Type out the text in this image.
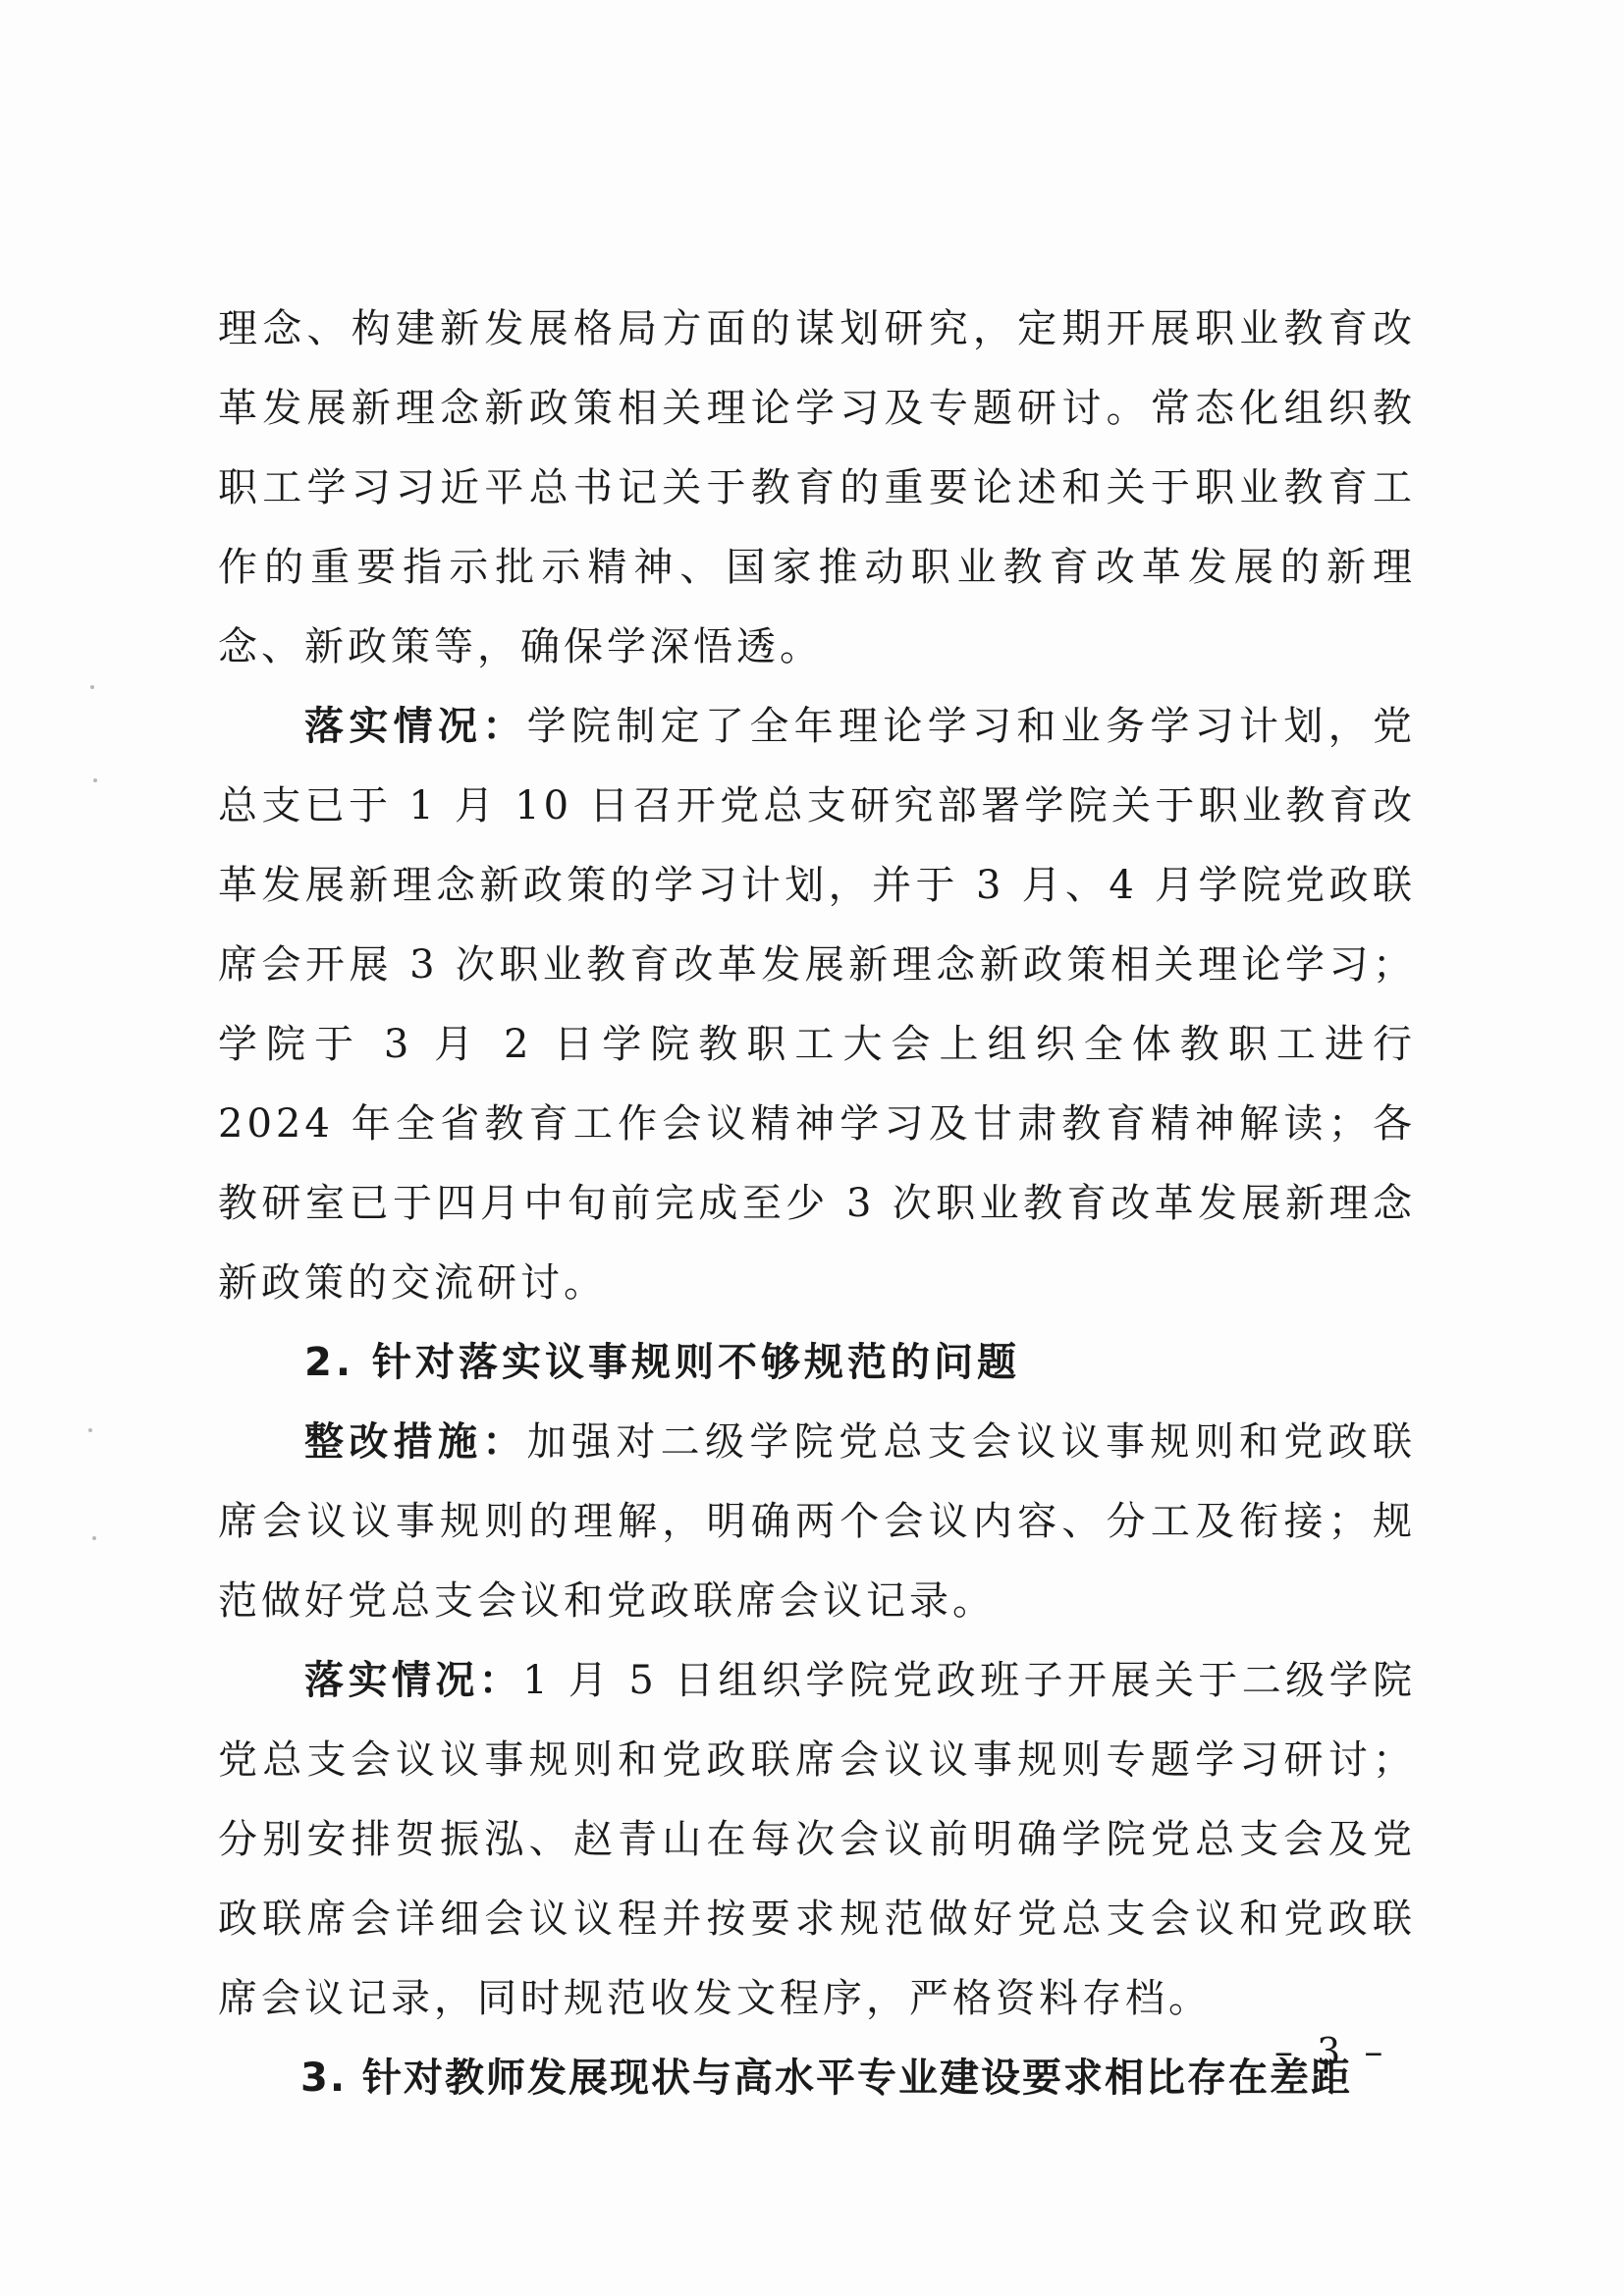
理念、构建新发展格局方面的谋划研究，定期开展职业教育改革发展新理念新政策相关理论学习及专题研讨。常态化组织教职工学习习近平总书记关于教育的重要论述和关于职业教育工作的重要指示批示精神、国家推动职业教育改革发展的新理念、新政策等，确保学深悟透。

落实情况：学院制定了全年理论学习和业务学习计划，党总支已于 1 月 10 日召开党总支研究部署学院关于职业教育改革发展新理念新政策的学习计划，并于 3 月、4 月学院党政联席会开展 3 次职业教育改革发展新理念新政策相关理论学习；学院于 3 月 2 日学院教职工大会上组织全体教职工进行 2024 年全省教育工作会议精神学习及甘肃教育精神解读；各教研室已于四月中旬前完成至少 3 次职业教育改革发展新理念新政策的交流研讨。

2. 针对落实议事规则不够规范的问题

整改措施：加强对二级学院党总支会议议事规则和党政联席会议议事规则的理解，明确两个会议内容、分工及衔接；规范做好党总支会议和党政联席会议记录。

落实情况：1 月 5 日组织学院党政班子开展关于二级学院党总支会议议事规则和党政联席会议议事规则专题学习研讨；分别安排贺振泓、赵青山在每次会议前明确学院党总支会及党政联席会详细会议议程并按要求规范做好党总支会议和党政联席会议记录，同时规范收发文程序，严格资料存档。

3. 针对教师发展现状与高水平专业建设要求相比存在差距

– 3 –
